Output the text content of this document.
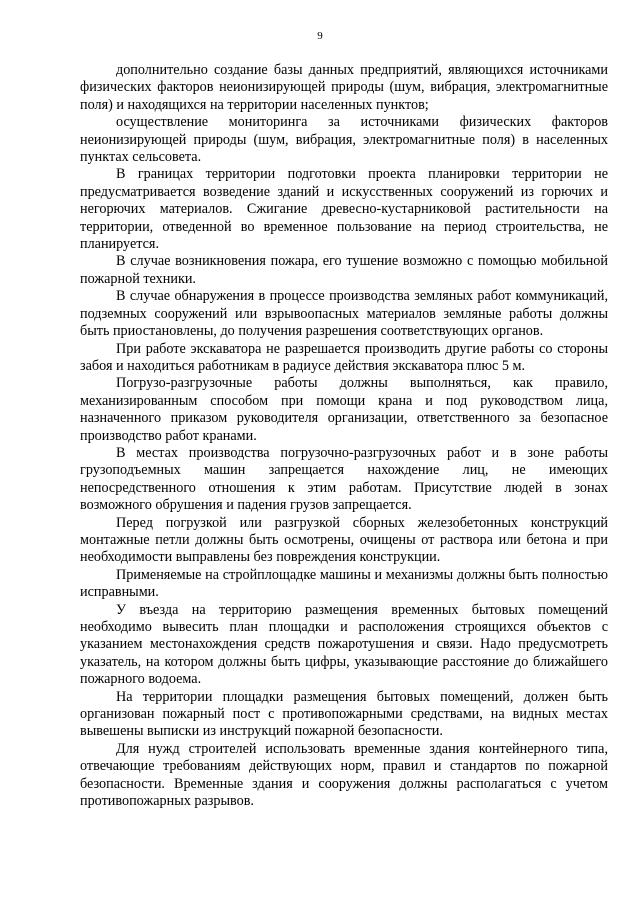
9

дополнительно создание базы данных предприятий, являющихся источниками физических факторов неионизирующей природы (шум, вибрация, электромагнитные поля) и находящихся на территории населенных пунктов;

осуществление мониторинга за источниками физических факторов неионизирующей природы (шум, вибрация, электромагнитные поля) в населенных пунктах сельсовета.

В границах территории подготовки проекта планировки территории не предусматривается возведение зданий и искусственных сооружений из горючих и негорючих материалов. Сжигание древесно-кустарниковой растительности на территории, отведенной во временное пользование на период строительства, не планируется.

В случае возникновения пожара, его тушение возможно с помощью мобильной пожарной техники.

В случае обнаружения в процессе производства земляных работ коммуникаций, подземных сооружений или взрывоопасных материалов земляные работы должны быть приостановлены, до получения разрешения соответствующих органов.

При работе экскаватора не разрешается производить другие работы со стороны забоя и находиться работникам в радиусе действия экскаватора плюс 5 м.

Погрузо-разгрузочные работы должны выполняться, как правило, механизированным способом при помощи крана и под руководством лица, назначенного приказом руководителя организации, ответственного за безопасное производство работ кранами.

В местах производства погрузочно-разгрузочных работ и в зоне работы грузоподъемных машин запрещается нахождение лиц, не имеющих непосредственного отношения к этим работам. Присутствие людей в зонах возможного обрушения и падения грузов запрещается.

Перед погрузкой или разгрузкой сборных железобетонных конструкций монтажные петли должны быть осмотрены, очищены от раствора или бетона и при необходимости выправлены без повреждения конструкции.

Применяемые на стройплощадке машины и механизмы должны быть полностью исправными.

У въезда на территорию размещения временных бытовых помещений необходимо вывесить план площадки и расположения строящихся объектов с указанием местонахождения средств пожаротушения и связи. Надо предусмотреть указатель, на котором должны быть цифры, указывающие расстояние до ближайшего пожарного водоема.

На территории площадки размещения бытовых помещений, должен быть организован пожарный пост с противопожарными средствами, на видных местах вывешены выписки из инструкций пожарной безопасности.

Для нужд строителей использовать временные здания контейнерного типа, отвечающие требованиям действующих норм, правил и стандартов по пожарной безопасности. Временные здания и сооружения должны располагаться с учетом противопожарных разрывов.
